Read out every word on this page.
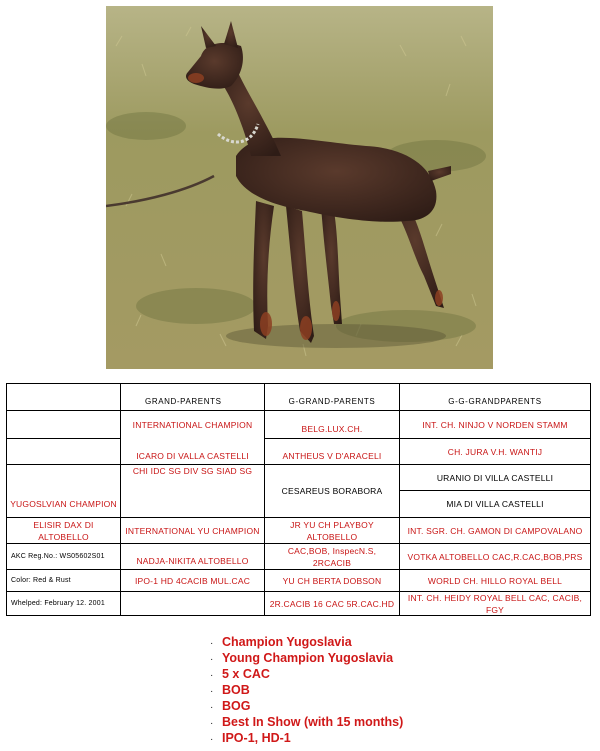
GRAND-PARENTS	G-GRAND-PARENTS	G-G-GRANDPARENTS
YUGOSLVIAN CHAMPION
ELISIR DAX DI ALTOBELLO
AKC Reg.No.: WS05602S01
Color: Red & Rust
Whelped: February 12. 2001
INTERNATIONAL CHAMPION
ICARO DI VALLA CASTELLI
CHI IDC SG DIV SG SIAD SG
INTERNATIONAL YU CHAMPION
NADJA-NIKITA ALTOBELLO
IPO-1 HD 4CACIB MUL.CAC
BELG.LUX.CH.
ANTHEUS V D'ARACELI
CESAREUS BORABORA
JR YU CH PLAYBOY ALTOBELLO
CAC,BOB, InspecN.S, 2RCACIB
YU CH BERTA DOBSON
2R.CACIB 16 CAC 5R.CAC.HD
INT. CH. NINJO V NORDEN STAMM
CH. JURA V.H. WANTIJ
URANIO DI VILLA CASTELLI
MIA DI VILLA CASTELLI
INT. SGR. CH. GAMON DI CAMPOVALANO
VOTKA ALTOBELLO CAC,R.CAC,BOB,PRS
WORLD CH. HILLO ROYAL BELL
INT. CH. HEIDY ROYAL BELL CAC, CACIB, FGY
· Champion Yugoslavia
· Young Champion Yugoslavia
· 5 x CAC
· BOB
· BOG
· Best In Show (with 15 months)
· IPO-1, HD-1
